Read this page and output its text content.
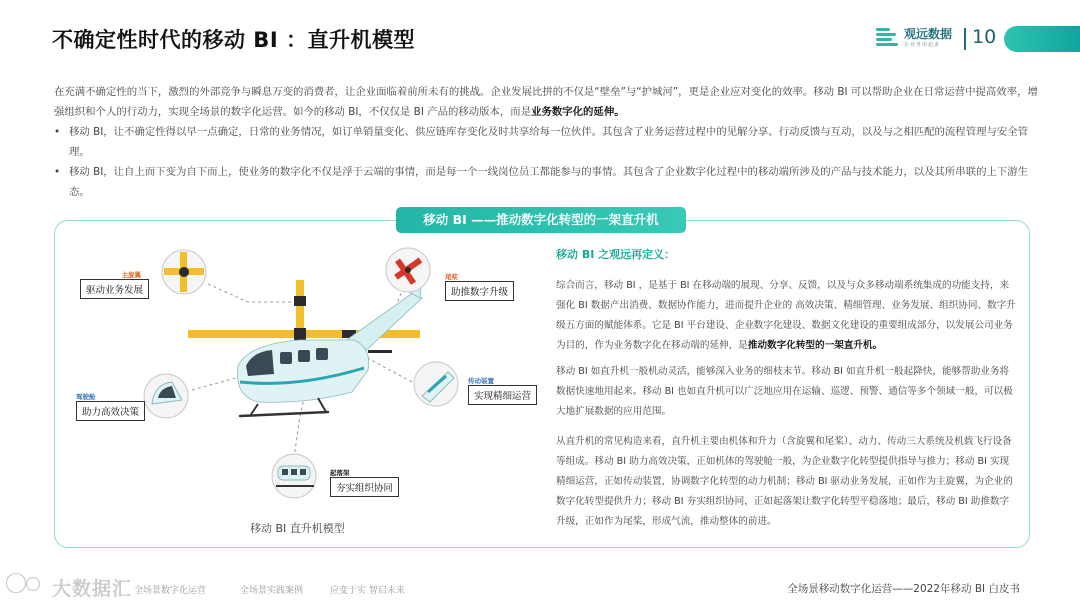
不确定性时代的移动 BI ：直升机模型	观远数据
让业务用起来	10
在充满不确定性的当下，激烈的外部竞争与瞬息万变的消费者，让企业面临着前所未有的挑战。企业发展比拼的不仅是“壁垒”与“护城河”，更是企业应对变化的效率。移动 BI 可以帮助企业在日常运营中提高效率，增强组织和个人的行动力，实现全场景的数字化运营。如今的移动 BI，不仅仅是 BI 产品的移动版本，而是业务数字化的延伸。
• 移动 BI，让不确定性得以早一点确定，日常的业务情况，如订单销量变化、供应链库存变化及时共享给每一位伙伴。其包含了业务运营过程中的见解分享、行动反馈与互动，以及与之相匹配的流程管理与安全管理。
• 移动 BI，让自上而下变为自下而上，使业务的数字化不仅是浮于云端的事情，而是每一个一线岗位员工都能参与的事情。其包含了企业数字化过程中的移动端所涉及的产品与技术能力，以及其所串联的上下游生态。
移动 BI ——推动数字化转型的一架直升机
主旋翼
驱动业务发展
尾桨
助推数字升级
驾驶舱
助力高效决策
传动装置
实现精细运营
起落架
夯实组织协同
移动 BI 直升机模型
移动 BI 之观远再定义：
综合而言，移动 BI ，是基于 BI 在移动端的展现、分享、反馈，以及与众多移动端系统集成的功能支持，来强化 BI 数据产出消费、数据协作能力，进而提升企业的 高效决策、精细管理、业务发展、组织协同、数字升级五方面的赋能体系。它是 BI 平台建设、企业数字化建设、数据文化建设的重要组成部分，以发展公司业务为目的，作为业务数字化在移动端的延伸，是推动数字化转型的一架直升机。
移动 BI 如直升机一般机动灵活，能够深入业务的细枝末节。移动 BI 如直升机一般起降快，能够帮助业务将数据快速地用起来。移动 BI 也如直升机可以广泛地应用在运输、巡逻、预警、通信等多个领域一般，可以极大地扩展数据的应用范围。
从直升机的常见构造来看，直升机主要由机体和升力（含旋翼和尾桨）、动力、传动三大系统及机载飞行设备等组成。移动 BI 助力高效决策，正如机体的驾驶舱一般，为企业数字化转型提供指导与推力；移动 BI 实现精细运营，正如传动装置，协调数字化转型的动力机制；移动 BI 驱动业务发展，正如作为主旋翼，为企业的数字化转型提供升力；移动 BI 夯实组织协同，正如起落架让数字化转型平稳落地；最后，移动 BI 助推数字升级，正如作为尾桨，形成气流，推动整体的前进。
大数据汇 全场景数字化运营	全场景实践案例	应变于实 智启未来	全场景移动数字化运营——2022年移动 BI 白皮书
